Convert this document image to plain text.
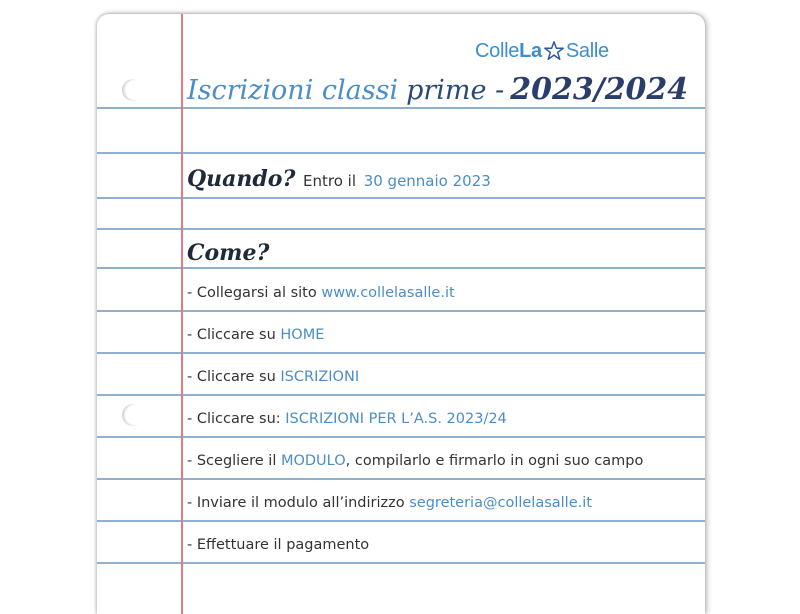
Colle La Salle
Iscrizioni classi prime - 2023/2024
Quando? Entro il 30 gennaio 2023
Come?
- Collegarsi al sito www.collelasalle.it
- Cliccare su HOME
- Cliccare su ISCRIZIONI
- Cliccare su: ISCRIZIONI PER L’A.S. 2023/24
- Scegliere il MODULO, compilarlo e firmarlo in ogni suo campo
- Inviare il modulo all’indirizzo segreteria@collelasalle.it
- Effettuare il pagamento
